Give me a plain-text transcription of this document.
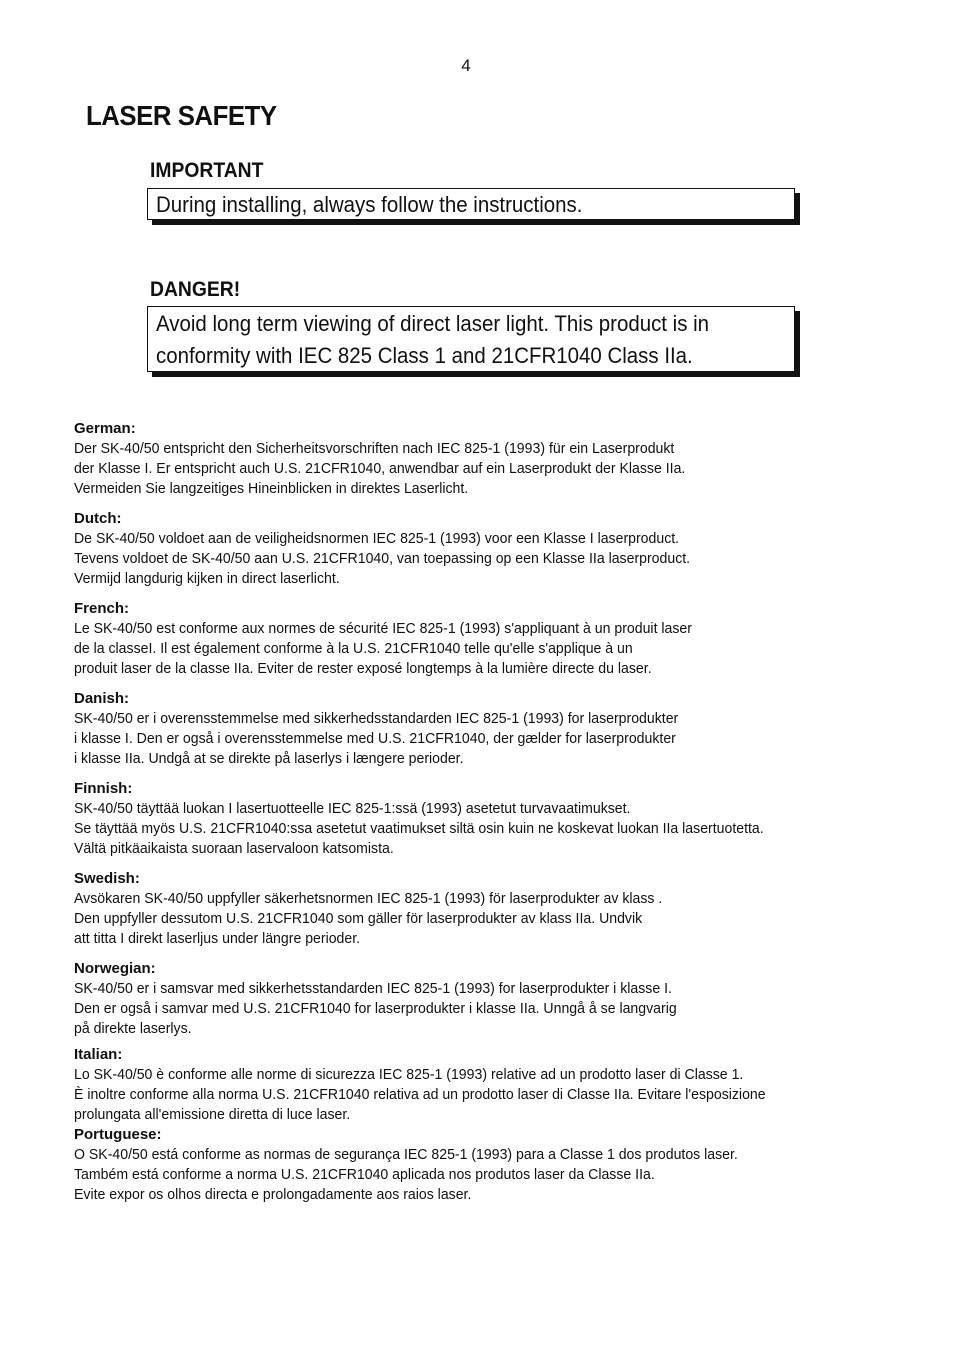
4
LASER SAFETY
IMPORTANT
During installing, always follow the instructions.
DANGER!
Avoid long term viewing of direct laser light. This product is in
conformity with IEC 825 Class 1 and 21CFR1040 Class IIa.
German:
Der SK-40/50 entspricht den Sicherheitsvorschriften nach IEC 825-1 (1993) für ein Laserprodukt
der Klasse I. Er entspricht auch U.S. 21CFR1040, anwendbar auf ein Laserprodukt der Klasse IIa.
Vermeiden Sie langzeitiges Hineinblicken in direktes Laserlicht.
Dutch:
De SK-40/50 voldoet aan de veiligheidsnormen IEC 825-1 (1993) voor een Klasse I laserproduct.
Tevens voldoet de SK-40/50 aan U.S. 21CFR1040, van toepassing op een Klasse IIa laserproduct.
Vermijd langdurig kijken in direct laserlicht.
French:
Le SK-40/50 est conforme aux normes de sécurité IEC 825-1 (1993) s'appliquant à un produit laser
de la classeI. Il est également conforme à la U.S. 21CFR1040 telle qu'elle s'applique à un
produit laser de la classe IIa. Eviter de rester exposé longtemps à la lumière directe du laser.
Danish:
SK-40/50 er i overensstemmelse med sikkerhedsstandarden IEC 825-1 (1993) for laserprodukter
i klasse I. Den er også i overensstemmelse med U.S. 21CFR1040, der gælder for laserprodukter
i klasse IIa. Undgå at se direkte på laserlys i længere perioder.
Finnish:
SK-40/50 täyttää luokan I lasertuotteelle IEC 825-1:ssä (1993) asetetut turvavaatimukset.
Se täyttää myös U.S. 21CFR1040:ssa asetetut vaatimukset siltä osin kuin ne koskevat luokan IIa lasertuotetta.
Vältä pitkäaikaista suoraan laservaloon katsomista.
Swedish:
Avsökaren SK-40/50 uppfyller säkerhetsnormen IEC 825-1 (1993) för laserprodukter av klass .
Den uppfyller dessutom U.S. 21CFR1040 som gäller för laserprodukter av klass IIa. Undvik
att titta I direkt laserljus under längre perioder.
Norwegian:
SK-40/50 er i samsvar med sikkerhetsstandarden IEC 825-1 (1993) for laserprodukter i klasse I.
Den er også i samvar med U.S. 21CFR1040 for laserprodukter i klasse IIa. Unngå å se langvarig
på direkte laserlys.
Italian:
Lo SK-40/50 è conforme alle norme di sicurezza IEC 825-1 (1993) relative ad un prodotto laser di Classe 1.
È inoltre conforme alla norma U.S. 21CFR1040 relativa ad un prodotto laser di Classe IIa. Evitare l'esposizione
prolungata all'emissione diretta di luce laser.
Portuguese:
O SK-40/50 está conforme as normas de segurança IEC 825-1 (1993) para a Classe 1 dos produtos laser.
Também está conforme a norma U.S. 21CFR1040 aplicada nos produtos laser da Classe IIa.
Evite expor os olhos directa e prolongadamente aos raios laser.
